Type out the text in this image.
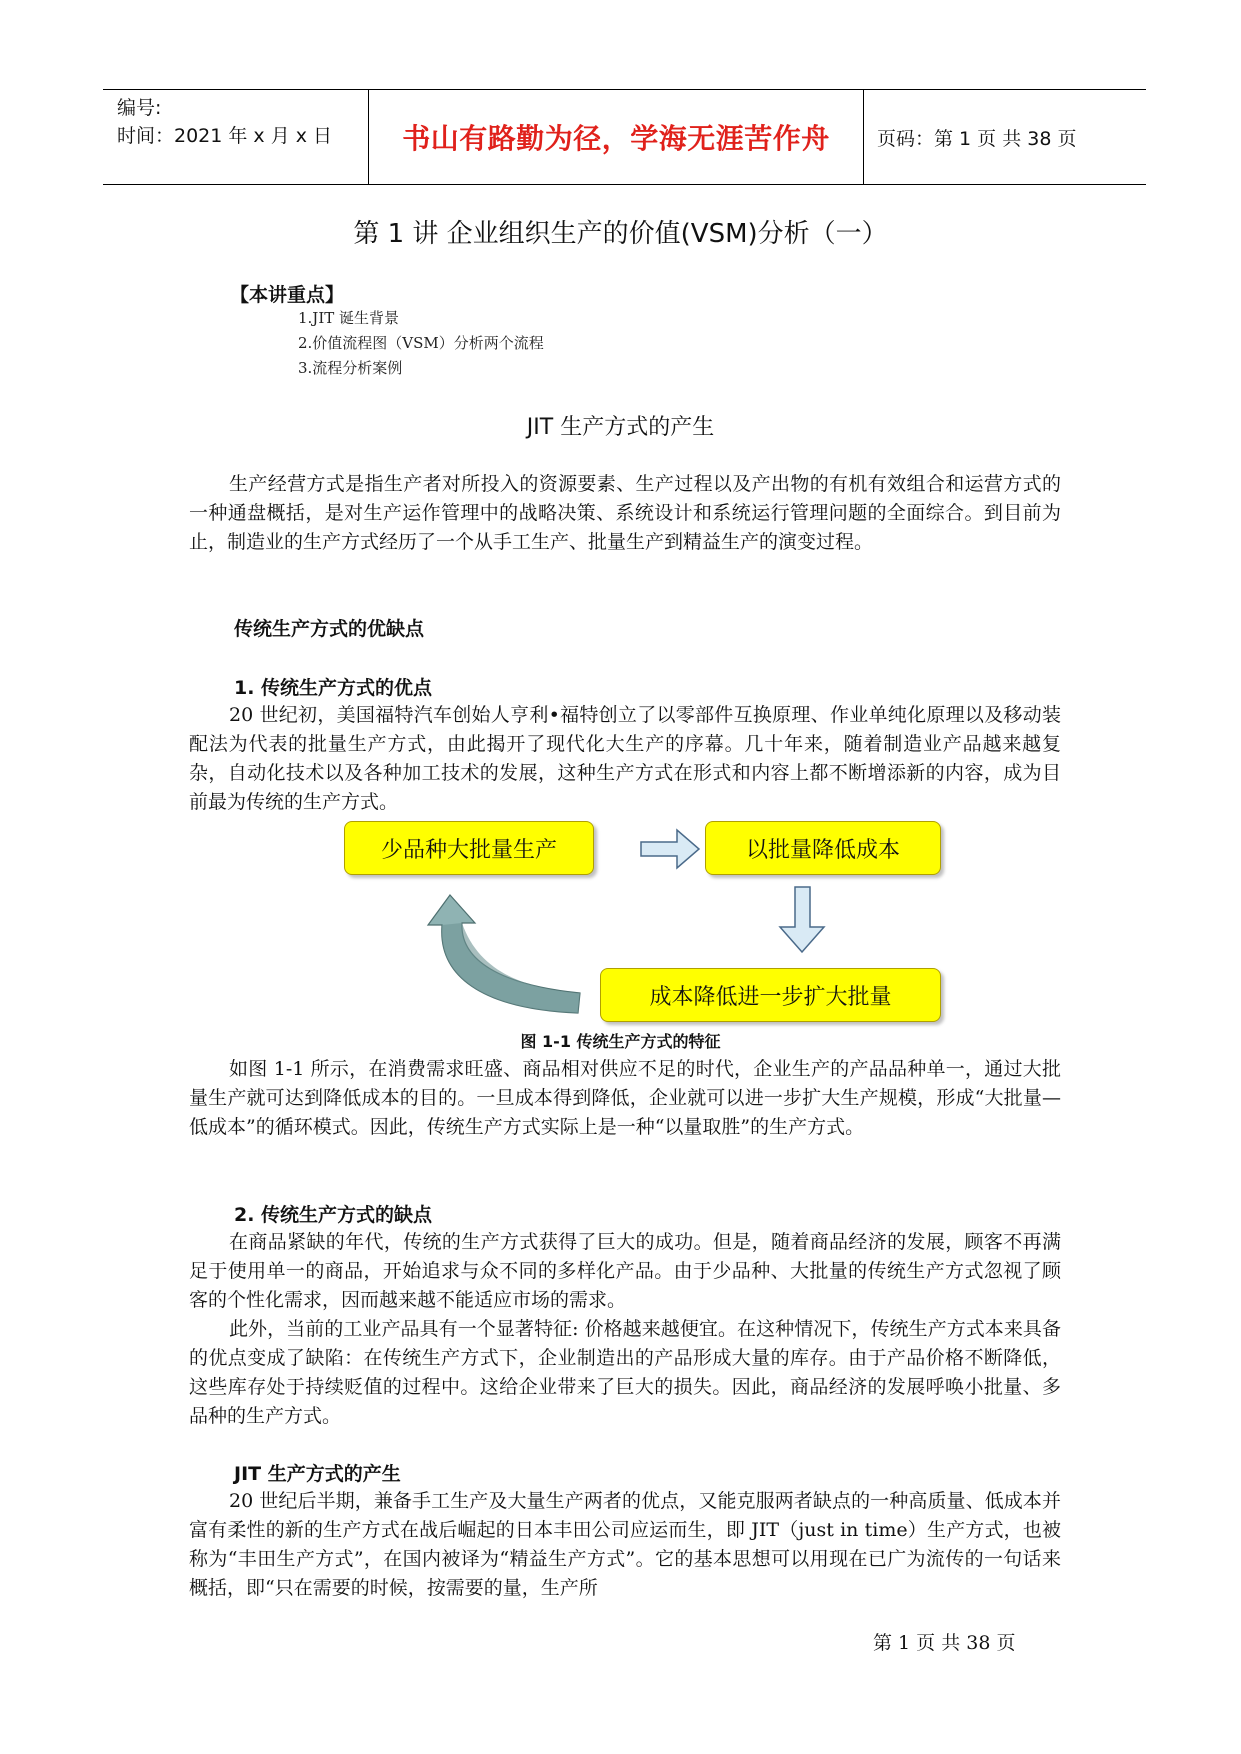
编号:
时间：2021 年 x 月 x 日	书山有路勤为径，学海无涯苦作舟	页码：第 1 页 共 38 页
第 1 讲 企业组织生产的价值(VSM)分析（一）
【本讲重点】
1.JIT 诞生背景
2.价值流程图（VSM）分析两个流程
3.流程分析案例
JIT 生产方式的产生
生产经营方式是指生产者对所投入的资源要素、生产过程以及产出物的有机有效组合和运营方式的一种通盘概括，是对生产运作管理中的战略决策、系统设计和系统运行管理问题的全面综合。到目前为止，制造业的生产方式经历了一个从手工生产、批量生产到精益生产的演变过程。
传统生产方式的优缺点
1. 传统生产方式的优点
20 世纪初，美国福特汽车创始人亨利•福特创立了以零部件互换原理、作业单纯化原理以及移动装配法为代表的批量生产方式，由此揭开了现代化大生产的序幕。几十年来，随着制造业产品越来越复杂，自动化技术以及各种加工技术的发展，这种生产方式在形式和内容上都不断增添新的内容，成为目前最为传统的生产方式。
少品种大批量生产	以批量降低成本
成本降低进一步扩大批量
图 1-1 传统生产方式的特征
如图 1-1 所示，在消费需求旺盛、商品相对供应不足的时代，企业生产的产品品种单一，通过大批量生产就可达到降低成本的目的。一旦成本得到降低，企业就可以进一步扩大生产规模，形成“大批量—低成本”的循环模式。因此，传统生产方式实际上是一种“以量取胜”的生产方式。
2. 传统生产方式的缺点
在商品紧缺的年代，传统的生产方式获得了巨大的成功。但是，随着商品经济的发展，顾客不再满足于使用单一的商品，开始追求与众不同的多样化产品。由于少品种、大批量的传统生产方式忽视了顾客的个性化需求，因而越来越不能适应市场的需求。
此外，当前的工业产品具有一个显著特征: 价格越来越便宜。在这种情况下，传统生产方式本来具备的优点变成了缺陷：在传统生产方式下，企业制造出的产品形成大量的库存。由于产品价格不断降低，这些库存处于持续贬值的过程中。这给企业带来了巨大的损失。因此，商品经济的发展呼唤小批量、多品种的生产方式。
JIT 生产方式的产生
20 世纪后半期，兼备手工生产及大量生产两者的优点，又能克服两者缺点的一种高质量、低成本并富有柔性的新的生产方式在战后崛起的日本丰田公司应运而生，即 JIT（just in time）生产方式，也被称为“丰田生产方式”，在国内被译为“精益生产方式”。它的基本思想可以用现在已广为流传的一句话来概括，即“只在需要的时候，按需要的量，生产所
第 1 页 共 38 页
